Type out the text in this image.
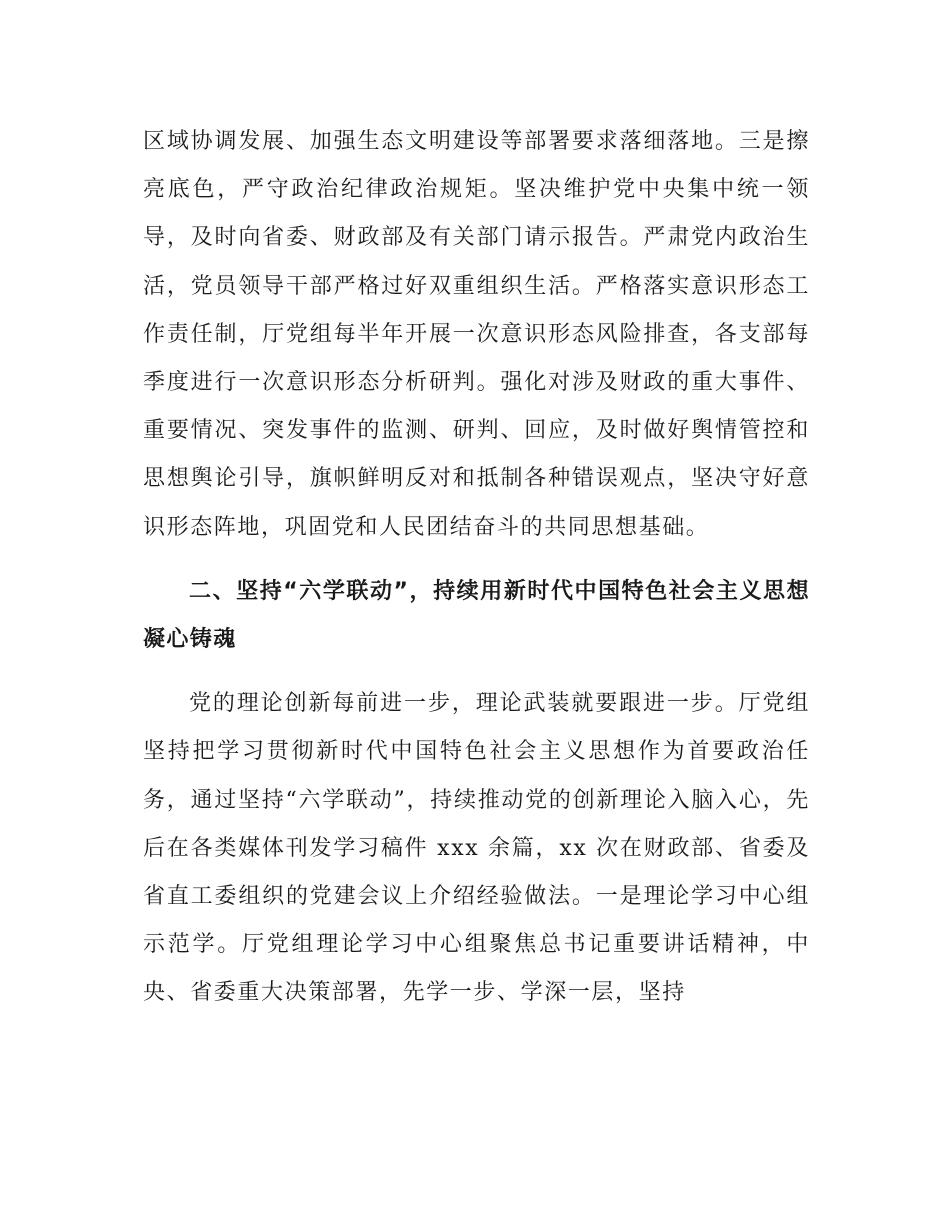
区域协调发展、加强生态文明建设等部署要求落细落地。三是擦亮底色，严守政治纪律政治规矩。坚决维护党中央集中统一领导，及时向省委、财政部及有关部门请示报告。严肃党内政治生活，党员领导干部严格过好双重组织生活。严格落实意识形态工作责任制，厅党组每半年开展一次意识形态风险排查，各支部每季度进行一次意识形态分析研判。强化对涉及财政的重大事件、重要情况、突发事件的监测、研判、回应，及时做好舆情管控和思想舆论引导，旗帜鲜明反对和抵制各种错误观点，坚决守好意识形态阵地，巩固党和人民团结奋斗的共同思想基础。

二、坚持“六学联动”，持续用新时代中国特色社会主义思想凝心铸魂

党的理论创新每前进一步，理论武装就要跟进一步。厅党组坚持把学习贯彻新时代中国特色社会主义思想作为首要政治任务，通过坚持“六学联动”，持续推动党的创新理论入脑入心，先后在各类媒体刊发学习稿件 xxx 余篇，xx 次在财政部、省委及省直工委组织的党建会议上介绍经验做法。一是理论学习中心组示范学。厅党组理论学习中心组聚焦总书记重要讲话精神，中央、省委重大决策部署，先学一步、学深一层，坚持
